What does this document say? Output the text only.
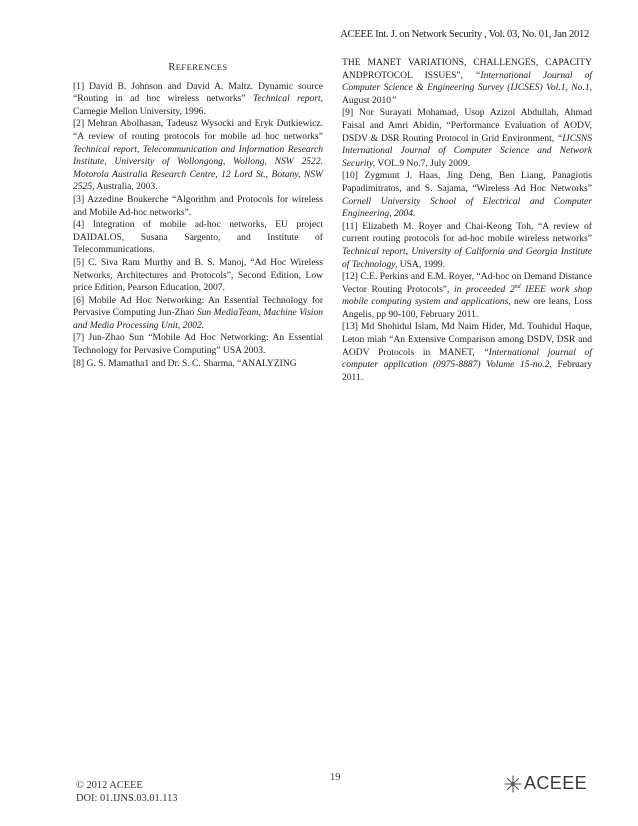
ACEEE Int. J. on Network Security , Vol. 03, No. 01, Jan 2012
REFERENCES

[1] David B. Johnson and David A. Maltz. Dynamic source “Routing in ad hoc wireless networks” Technical report, Carnegie Mellon University, 1996.

[2] Mehran Abolhasan, Tadeusz Wysocki and Eryk Dutkiewicz. “A review of routing protocols for mobile ad hoc networks” Technical report, Telecommunication and Information Research Institute, University of Wollongong, Wollong, NSW 2522. Motorola Australia Research Centre, 12 Lord St., Botany, NSW 2525, Australia, 2003.

[3] Azzedine Boukerche “Algorithm and Protocols for wireless and Mobile Ad-hoc networks”.

[4] Integration of mobile ad-hoc networks, EU project DAIDALOS, Susana Sargento, and Institute of Telecommunications.

[5] C. Siva Ram Murthy and B. S. Manoj, “Ad Hoc Wireless Networks, Architectures and Protocols”, Second Edition, Low price Edition, Pearson Education, 2007.

[6] Mobile Ad Hoc Networking: An Essential Technology for Pervasive Computing Jun-Zhao Sun MediaTeam, Machine Vision and Media Processing Unit, 2002.

[7] Jun-Zhao Sun “Mobile Ad Hoc Networking: An Essential Technology for Pervasive Computing” USA 2003.

[8] G. S. Mamatha1 and Dr. S. C. Sharma, “ANALYZING

THE MANET VARIATIONS, CHALLENGES, CAPACITY ANDPROTOCOL ISSUES”, “International Journal of Computer Science & Engineering Survey (IJCSES) Vol.1, No.1, August 2010”

[9] Nor Surayati Mohamad, Usop Azizol Abdullah, Ahmad Faisal and Amri Abidin, “Performance Evaluation of AODV, DSDV & DSR Routing Protocol in Grid Environment, “IJCSNS International Journal of Computer Science and Network Security, VOL.9 No.7, July 2009.

[10] Zygmunt J. Haas, Jing Deng, Ben Liang, Panagiotis Papadimitratos, and S. Sajama, “Wireless Ad Hoc Networks” Cornell University School of Electrical and Computer Engineering, 2004.

[11] Elizabeth M. Royer and Chai-Keong Toh, “A review of current routing protocols for ad-hoc mobile wireless networks” Technical report, University of California and Georgia Institute of Technology, USA, 1999.

[12] C.E. Perkins and E.M. Royer, “Ad-hoc on Demand Distance Vector Routing Protocols”, in proceeded 2nd IEEE work shop mobile computing system and applications, new ore leans, Loss Angelis, pp 90-100, February 2011.

[13] Md Shohidul Islam, Md Naim Hider, Md. Touhidul Haque, Leton miah “An Extensive Comparison among DSDV, DSR and AODV Protocols in MANET, “International journal of computer application (0975-8887) Volume 15-no.2, February 2011.

© 2012 ACEEE
DOI: 01.IJNS.03.01.113
19	ACEEE
